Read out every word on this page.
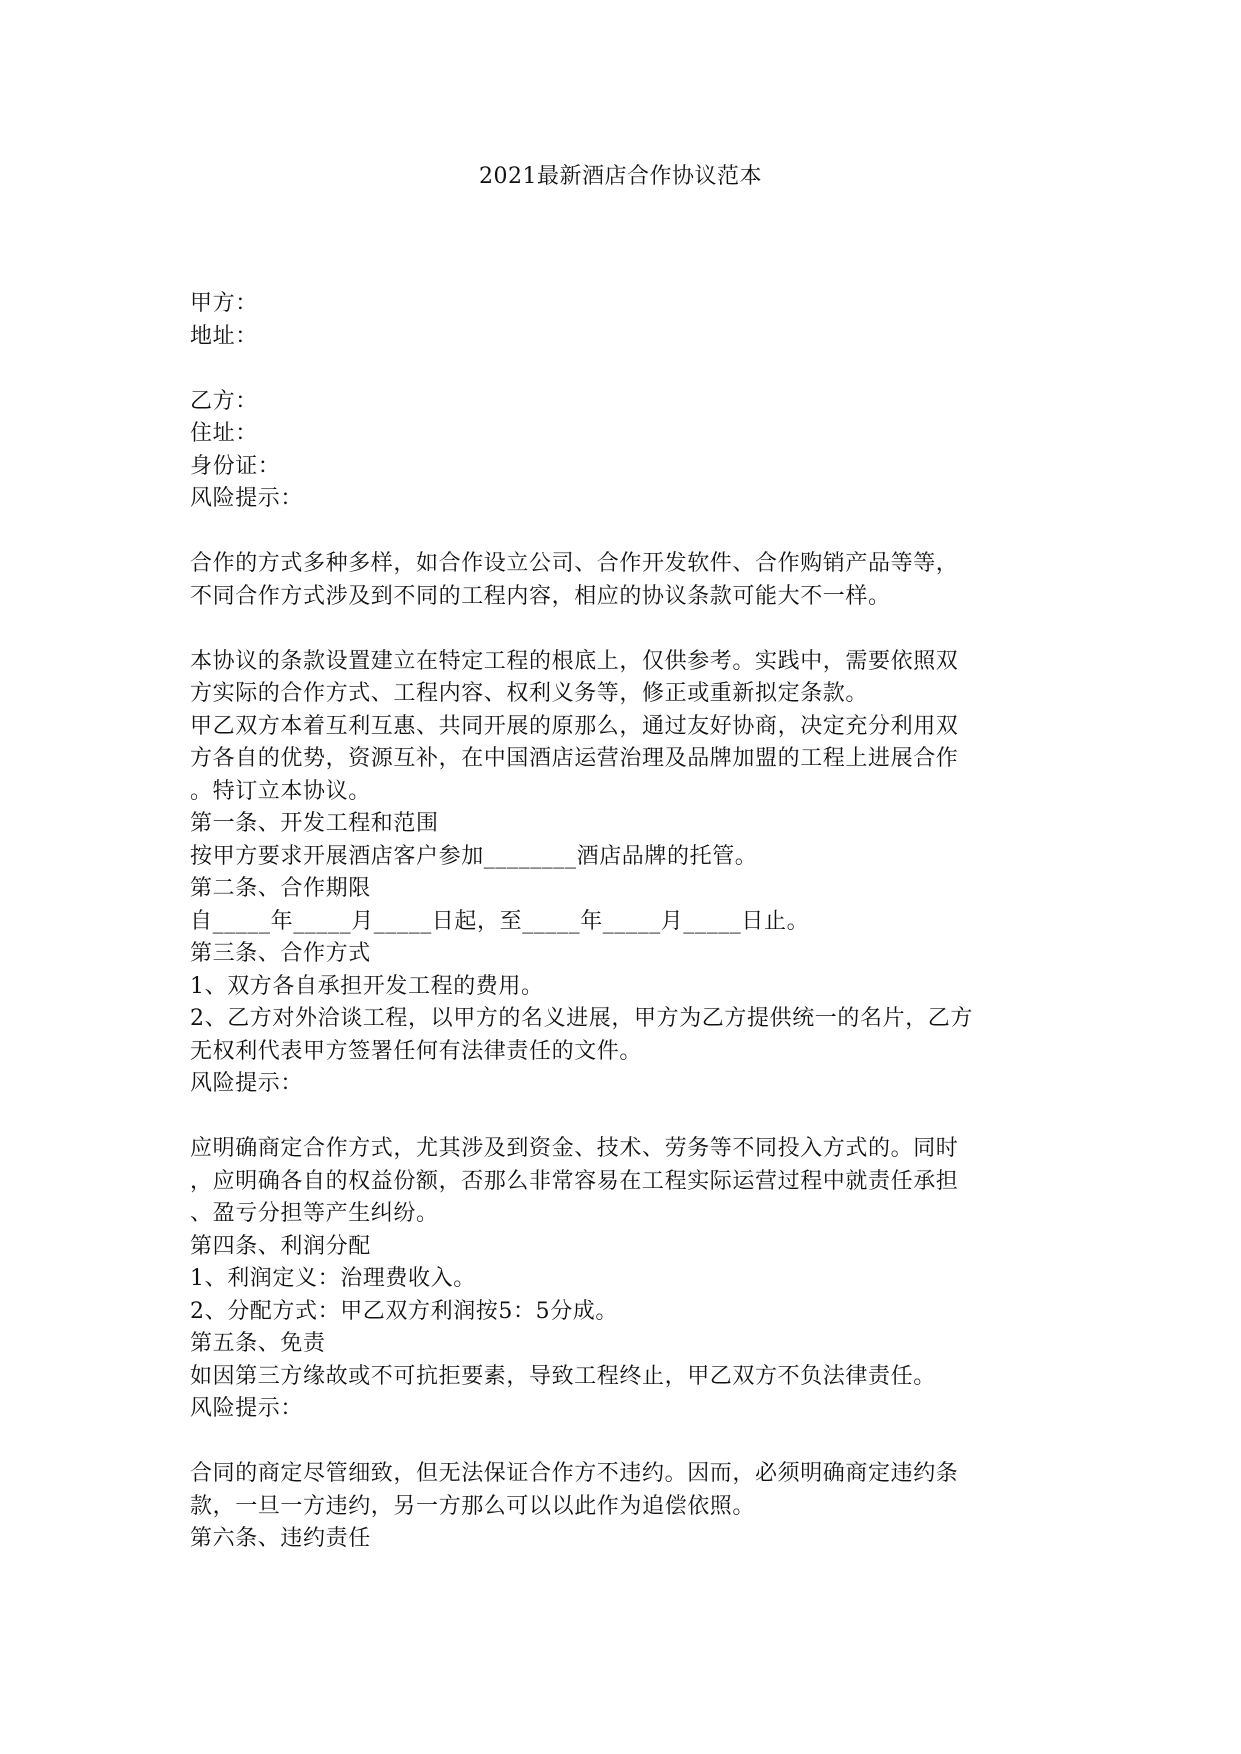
2021最新酒店合作协议范本
甲方：
地址：
乙方：
住址：
身份证：
风险提示：
合作的方式多种多样，如合作设立公司、合作开发软件、合作购销产品等等，
不同合作方式涉及到不同的工程内容，相应的协议条款可能大不一样。
本协议的条款设置建立在特定工程的根底上，仅供参考。实践中，需要依照双
方实际的合作方式、工程内容、权利义务等，修正或重新拟定条款。
甲乙双方本着互利互惠、共同开展的原那么，通过友好协商，决定充分利用双
方各自的优势，资源互补，在中国酒店运营治理及品牌加盟的工程上进展合作
。特订立本协议。
第一条、开发工程和范围
按甲方要求开展酒店客户参加________酒店品牌的托管。
第二条、合作期限
自_____年_____月_____日起，至_____年_____月_____日止。
第三条、合作方式
1、双方各自承担开发工程的费用。
2、乙方对外洽谈工程，以甲方的名义进展，甲方为乙方提供统一的名片，乙方
无权利代表甲方签署任何有法律责任的文件。
风险提示：
应明确商定合作方式，尤其涉及到资金、技术、劳务等不同投入方式的。同时
，应明确各自的权益份额，否那么非常容易在工程实际运营过程中就责任承担
、盈亏分担等产生纠纷。
第四条、利润分配
1、利润定义：治理费收入。
2、分配方式：甲乙双方利润按5：5分成。
第五条、免责
如因第三方缘故或不可抗拒要素，导致工程终止，甲乙双方不负法律责任。
风险提示：
合同的商定尽管细致，但无法保证合作方不违约。因而，必须明确商定违约条
款，一旦一方违约，另一方那么可以以此作为追偿依照。
第六条、违约责任
